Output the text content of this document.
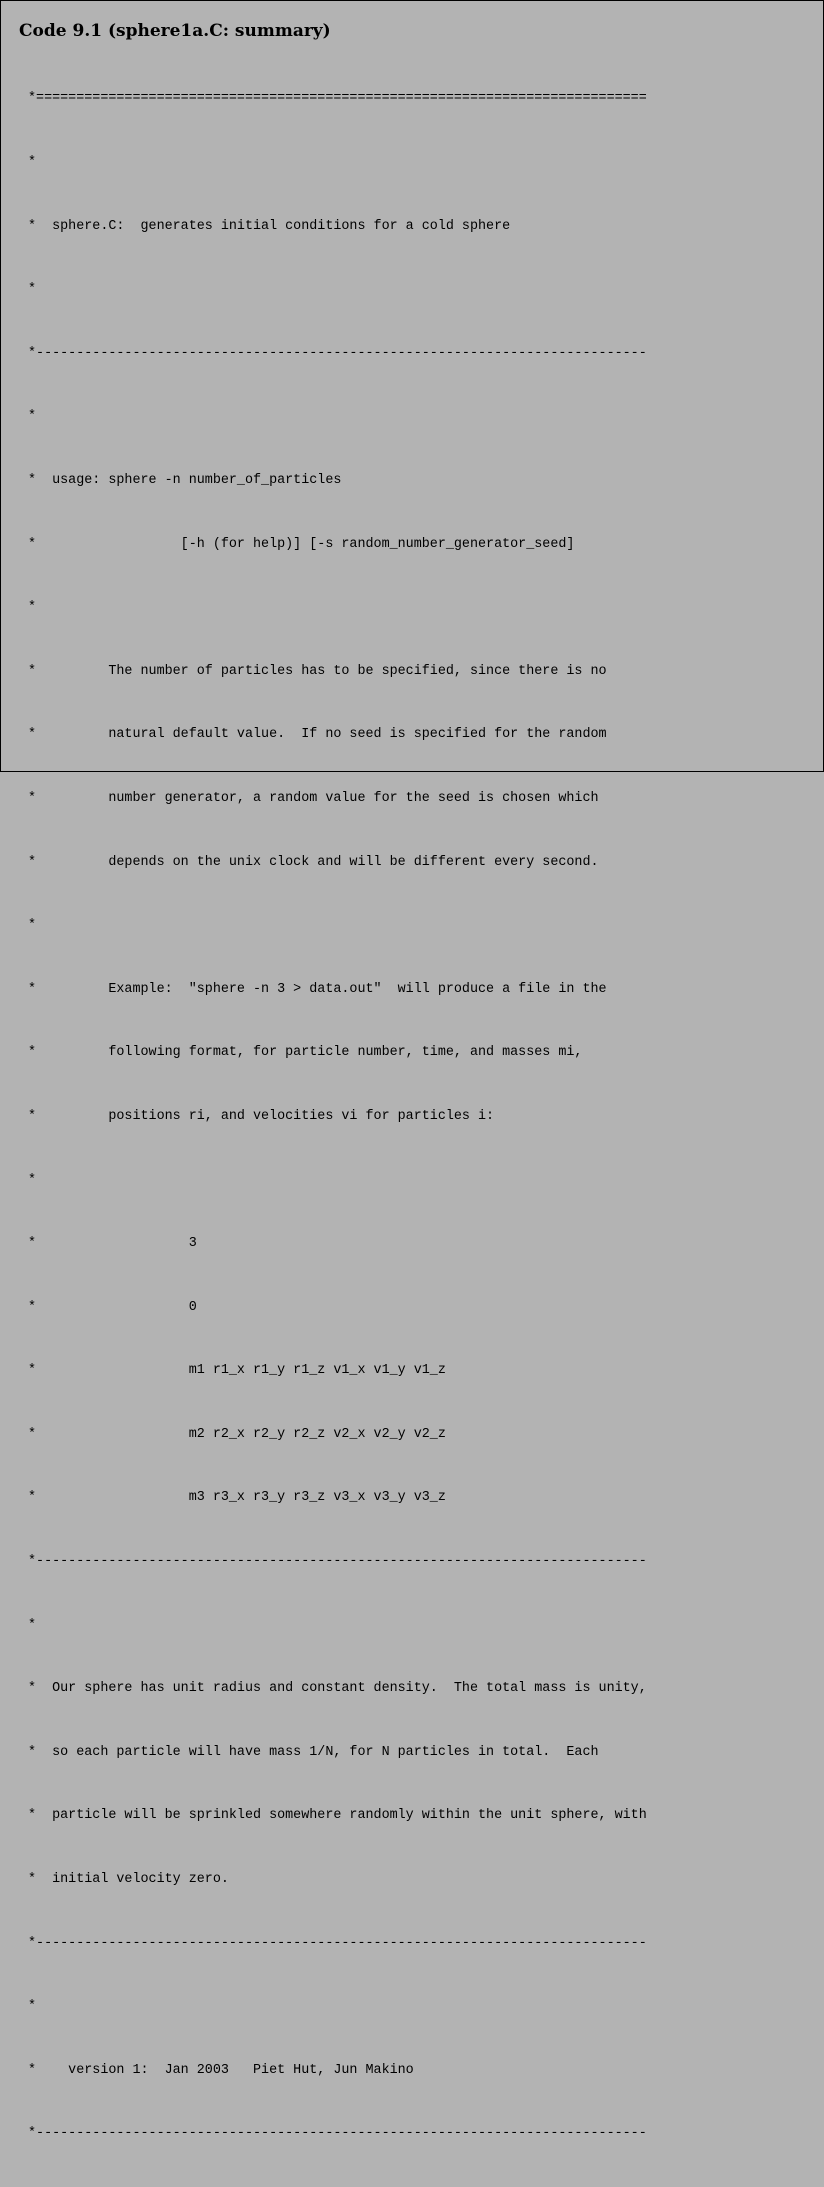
Code 9.1 (sphere1a.C: summary)

*============================================================================

*

*  sphere.C:  generates initial conditions for a cold sphere

*

*----------------------------------------------------------------------------

*

*  usage: sphere -n number_of_particles

*                  [-h (for help)] [-s random_number_generator_seed]

*

*         The number of particles has to be specified, since there is no

*         natural default value.  If no seed is specified for the random

*         number generator, a random value for the seed is chosen which

*         depends on the unix clock and will be different every second.

*

*         Example:  "sphere -n 3 > data.out"  will produce a file in the

*         following format, for particle number, time, and masses mi,

*         positions ri, and velocities vi for particles i:

*

*                   3

*                   0

*                   m1 r1_x r1_y r1_z v1_x v1_y v1_z

*                   m2 r2_x r2_y r2_z v2_x v2_y v2_z

*                   m3 r3_x r3_y r3_z v3_x v3_y v3_z

*----------------------------------------------------------------------------

*

*  Our sphere has unit radius and constant density.  The total mass is unity,

*  so each particle will have mass 1/N, for N particles in total.  Each

*  particle will be sprinkled somewhere randomly within the unit sphere, with

*  initial velocity zero.

*----------------------------------------------------------------------------

*

*    version 1:  Jan 2003   Piet Hut, Jun Makino

*----------------------------------------------------------------------------
